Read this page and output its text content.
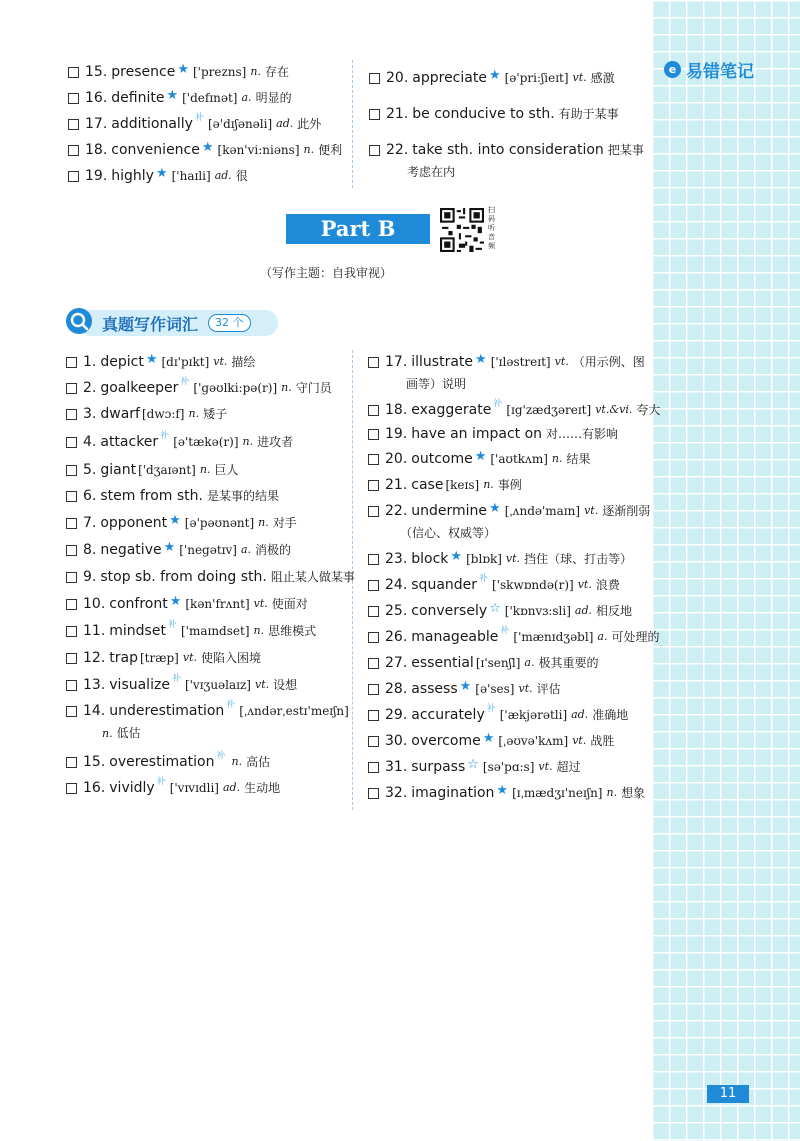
e 易错笔记
11
15. presence ★ ['prezns] n. 存在
16. definite ★ ['defɪnət] a. 明显的
17. additionally 补 [ə'dɪʃənəli] ad. 此外
18. convenience ★ [kən'vi:niəns] n. 便利
19. highly ★ ['haɪli] ad. 很
20. appreciate ★ [ə'pri:ʃieɪt] vt. 感激
21. be conducive to sth. 有助于某事
22. take sth. into consideration 把某事
考虑在内
Part B
扫码听音频
（写作主题：自我审视）
真题写作词汇	32 个
1. depict ★ [dɪ'pɪkt] vt. 描绘
2. goalkeeper 补 ['gəʊlki:pə(r)] n. 守门员
3. dwarf [dwɔ:f] n. 矮子
4. attacker 补 [ə'tækə(r)] n. 进攻者
5. giant ['dʒaɪənt] n. 巨人
6. stem from sth. 是某事的结果
7. opponent ★ [ə'pəʊnənt] n. 对手
8. negative ★ ['negətɪv] a. 消极的
9. stop sb. from doing sth. 阻止某人做某事
10. confront ★ [kən'frʌnt] vt. 使面对
11. mindset 补 ['maɪndset] n. 思维模式
12. trap [træp] vt. 使陷入困境
13. visualize 补 ['vɪʒuəlaɪz] vt. 设想
14. underestimation 补 [ˌʌndərˌestɪ'meɪʃn]
n. 低估
15. overestimation 补 n. 高估
16. vividly 补 ['vɪvɪdli] ad. 生动地
17. illustrate ★ ['ɪləstreɪt] vt. （用示例、图
画等）说明
18. exaggerate 补 [ɪg'zædʒəreɪt] vt.&vi. 夸大
19. have an impact on 对……有影响
20. outcome ★ ['aʊtkʌm] n. 结果
21. case [keɪs] n. 事例
22. undermine ★ [ˌʌndə'maɪn] vt. 逐渐削弱
（信心、权威等）
23. block ★ [blɒk] vt. 挡住（球、打击等）
24. squander 补 ['skwɒndə(r)] vt. 浪费
25. conversely ☆ ['kɒnvɜ:sli] ad. 相反地
26. manageable 补 ['mænɪdʒəbl] a. 可处理的
27. essential [ɪ'senʃl] a. 极其重要的
28. assess ★ [ə'ses] vt. 评估
29. accurately 补 ['ækjərətli] ad. 准确地
30. overcome ★ [ˌəʊvə'kʌm] vt. 战胜
31. surpass ☆ [sə'pɑ:s] vt. 超过
32. imagination ★ [ɪˌmædʒɪ'neɪʃn] n. 想象
